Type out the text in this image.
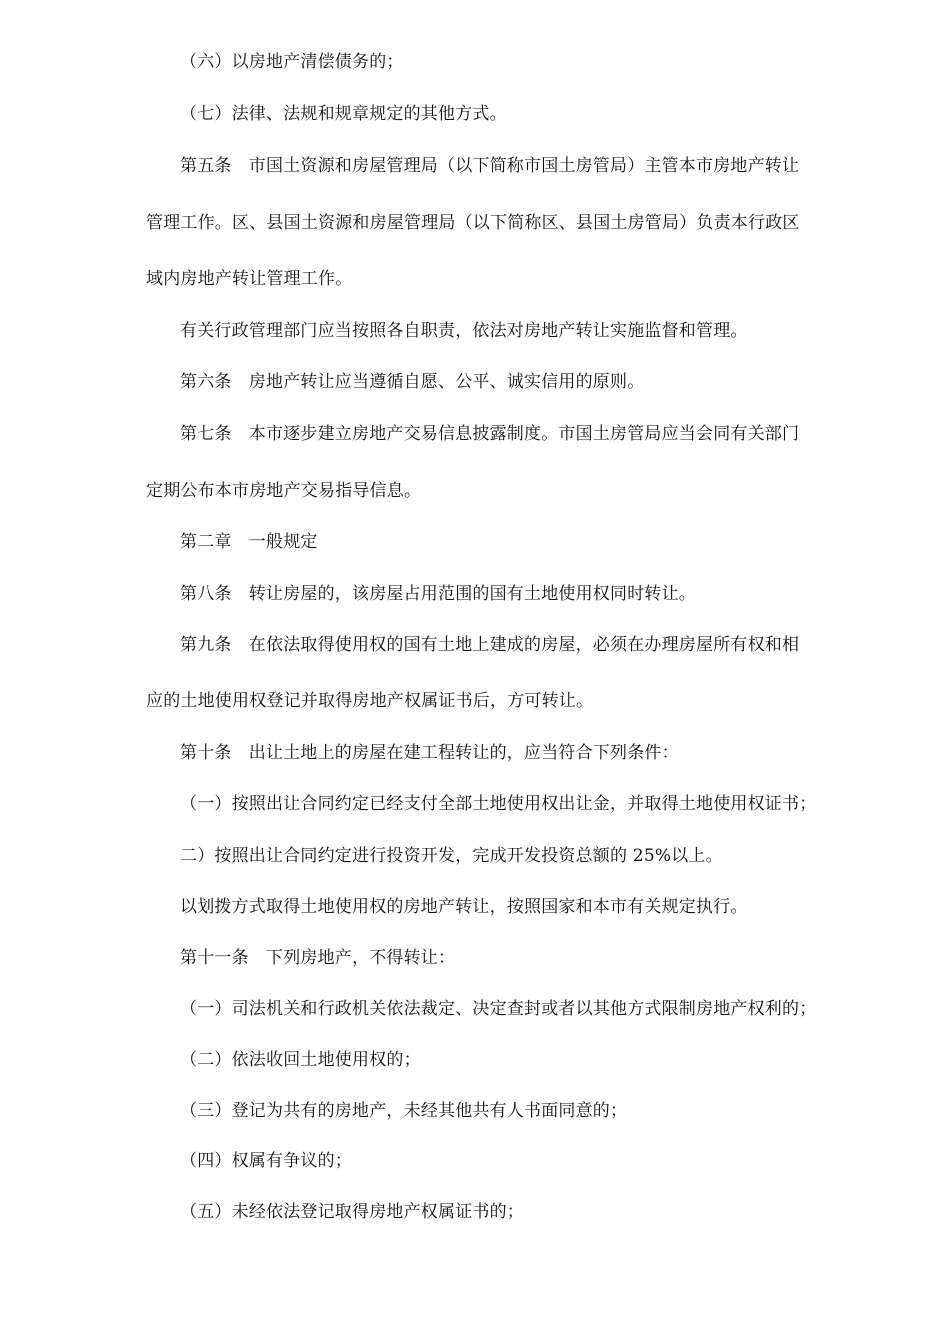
（六）以房地产清偿债务的；
（七）法律、法规和规章规定的其他方式。
第五条　市国土资源和房屋管理局（以下简称市国土房管局）主管本市房地产转让
管理工作。区、县国土资源和房屋管理局（以下简称区、县国土房管局）负责本行政区
域内房地产转让管理工作。
有关行政管理部门应当按照各自职责，依法对房地产转让实施监督和管理。
第六条　房地产转让应当遵循自愿、公平、诚实信用的原则。
第七条　本市逐步建立房地产交易信息披露制度。市国土房管局应当会同有关部门
定期公布本市房地产交易指导信息。
第二章　一般规定
第八条　转让房屋的，该房屋占用范围的国有土地使用权同时转让。
第九条　在依法取得使用权的国有土地上建成的房屋，必须在办理房屋所有权和相
应的土地使用权登记并取得房地产权属证书后，方可转让。
第十条　出让土地上的房屋在建工程转让的，应当符合下列条件：
（一）按照出让合同约定已经支付全部土地使用权出让金，并取得土地使用权证书；
二）按照出让合同约定进行投资开发，完成开发投资总额的 25%以上。
以划拨方式取得土地使用权的房地产转让，按照国家和本市有关规定执行。
第十一条　下列房地产，不得转让：
（一）司法机关和行政机关依法裁定、决定查封或者以其他方式限制房地产权利的；
（二）依法收回土地使用权的；
（三）登记为共有的房地产，未经其他共有人书面同意的；
（四）权属有争议的；
（五）未经依法登记取得房地产权属证书的；
